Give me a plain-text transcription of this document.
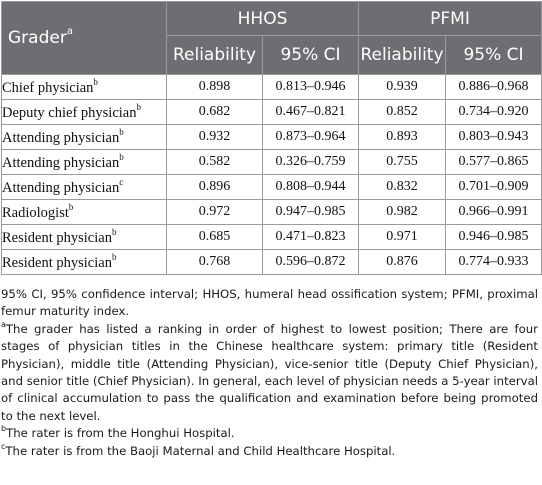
Grader$^a$	HHOS		PFMI	
	Reliability	95% CI	Reliability	95% CI
Chief physician$^b$	0.898	0.813–0.946	0.939	0.886–0.968
Deputy chief physician$^b$	0.682	0.467–0.821	0.852	0.734–0.920
Attending physician$^b$	0.932	0.873–0.964	0.893	0.803–0.943
Attending physician$^b$	0.582	0.326–0.759	0.755	0.577–0.865
Attending physician$^c$	0.896	0.808–0.944	0.832	0.701–0.909
Radiologist$^b$	0.972	0.947–0.985	0.982	0.966–0.991
Resident physician$^b$	0.685	0.471–0.823	0.971	0.946–0.985
Resident physician$^b$	0.768	0.596–0.872	0.876	0.774–0.933

95% CI, 95% confidence interval; HHOS, humeral head ossification system; PFMI, proximal femur maturity index.

$^a$The grader has listed a ranking in order of highest to lowest position; There are four stages of physician titles in the Chinese healthcare system: primary title (Resident Physician), middle title (Attending Physician), vice-senior title (Deputy Chief Physician), and senior title (Chief Physician). In general, each level of physician needs a 5-year interval of clinical accumulation to pass the qualification and examination before being promoted to the next level.

$^b$The rater is from the Honghui Hospital.

$^c$The rater is from the Baoji Maternal and Child Healthcare Hospital.
